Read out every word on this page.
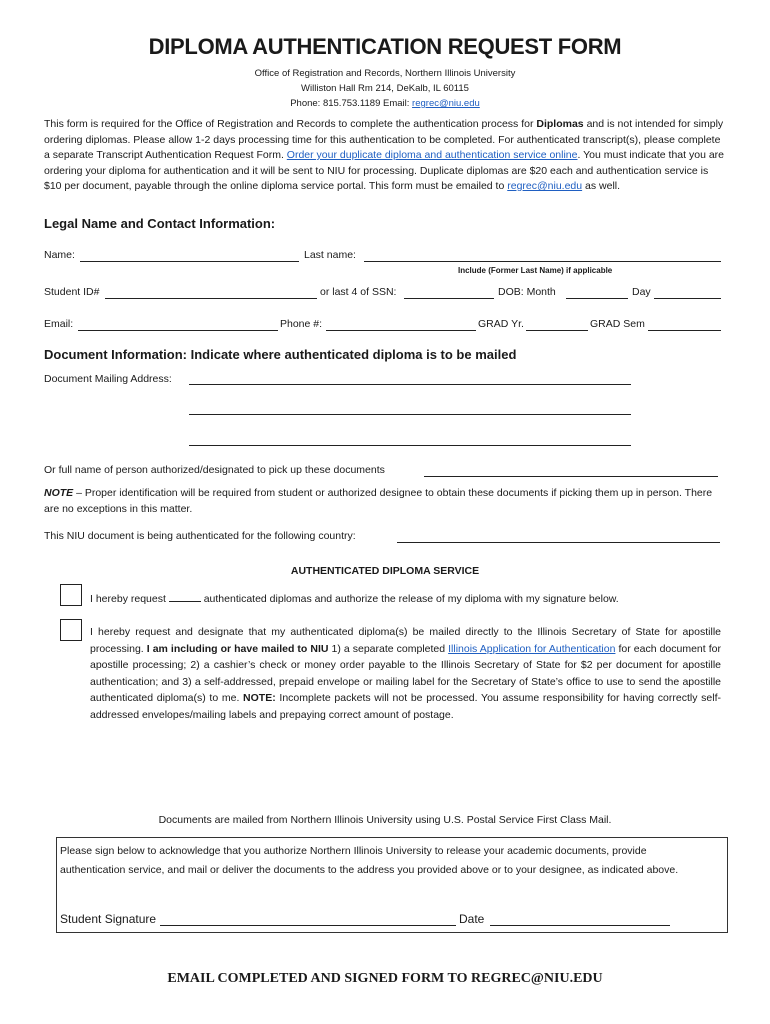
DIPLOMA AUTHENTICATION REQUEST FORM
Office of Registration and Records, Northern Illinois University
Williston Hall Rm 214, DeKalb, IL 60115
Phone: 815.753.1189 Email: regrec@niu.edu
This form is required for the Office of Registration and Records to complete the authentication process for Diplomas and is not intended for simply ordering diplomas. Please allow 1-2 days processing time for this authentication to be completed. For authenticated transcript(s), please complete a separate Transcript Authentication Request Form. Order your duplicate diploma and authentication service online. You must indicate that you are ordering your diploma for authentication and it will be sent to NIU for processing. Duplicate diplomas are $20 each and authentication service is $10 per document, payable through the online diploma service portal. This form must be emailed to regrec@niu.edu as well.
Legal Name and Contact Information:
Name:	Last name:
Include (Former Last Name) if applicable
Student ID#	or last 4 of SSN:	DOB: Month	Day
Email:	Phone #:	GRAD Yr.	GRAD Sem
Document Information: Indicate where authenticated diploma is to be mailed
Document Mailing Address:
Or full name of person authorized/designated to pick up these documents
NOTE – Proper identification will be required from student or authorized designee to obtain these documents if picking them up in person. There are no exceptions in this matter.
This NIU document is being authenticated for the following country:
AUTHENTICATED DIPLOMA SERVICE
I hereby request	authenticated diplomas and authorize the release of my diploma with my signature below.
I hereby request and designate that my authenticated diploma(s) be mailed directly to the Illinois Secretary of State for apostille processing. I am including or have mailed to NIU 1) a separate completed Illinois Application for Authentication for each document for apostille processing; 2) a cashier’s check or money order payable to the Illinois Secretary of State for $2 per document for apostille authentication; and 3) a self-addressed, prepaid envelope or mailing label for the Secretary of State’s office to use to send the apostille authenticated diploma(s) to me. NOTE: Incomplete packets will not be processed. You assume responsibility for having correctly self-addressed envelopes/mailing labels and prepaying correct amount of postage.
Documents are mailed from Northern Illinois University using U.S. Postal Service First Class Mail.
Please sign below to acknowledge that you authorize Northern Illinois University to release your academic documents, provide authentication service, and mail or deliver the documents to the address you provided above or to your designee, as indicated above.
Student Signature	Date
EMAIL COMPLETED AND SIGNED FORM TO REGREC@NIU.EDU
